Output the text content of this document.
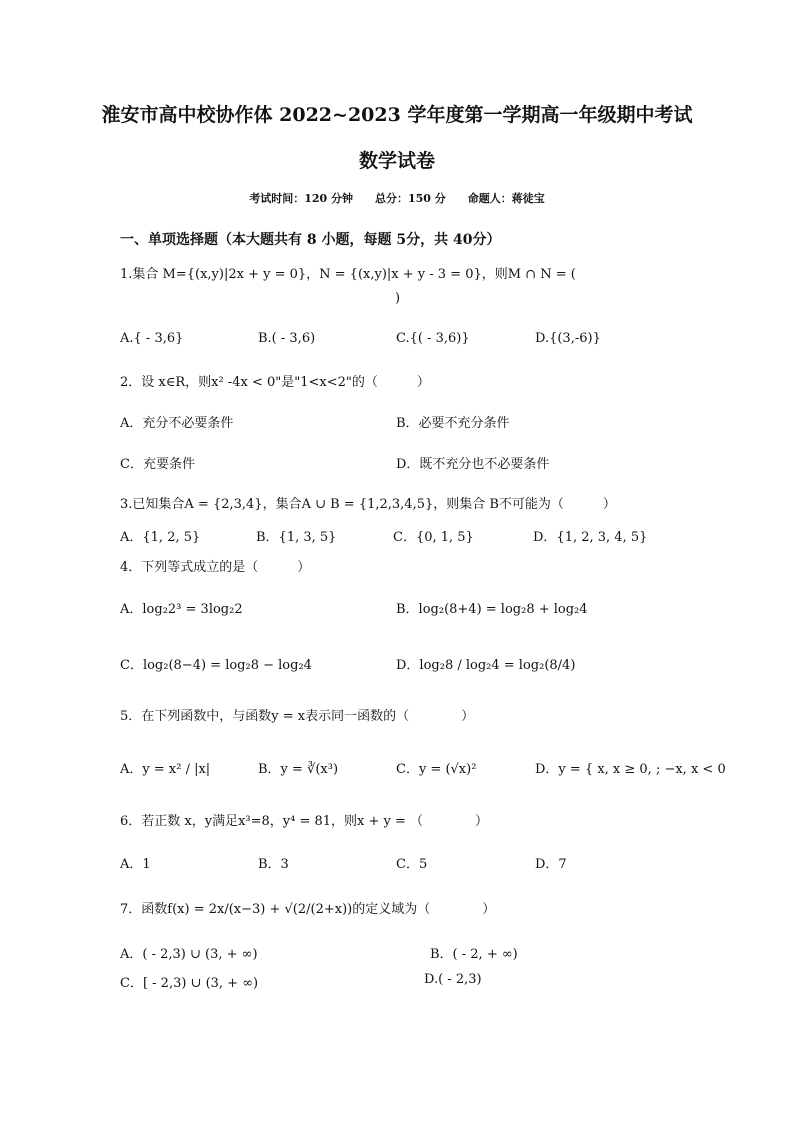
淮安市高中校协作体 2022~2023 学年度第一学期高一年级期中考试
数学试卷
考试时间：120 分钟　　总分：150 分　　命题人：蒋徒宝
一、单项选择题（本大题共有 8 小题，每题 5分，共 40分）
1.集合 M={(x,y)|2x + y = 0}，N = {(x,y)|x + y - 3 = 0}，则M ∩ N = (
)
A.{ - 3,6}	B.( - 3,6)	C.{( - 3,6)}	D.{(3,-6)}
2．设 x∈R，则x² -4x < 0"是"1<x<2"的（　　　）
A．充分不必要条件	B．必要不充分条件
C．充要条件	D．既不充分也不必要条件
3.已知集合A = {2,3,4}，集合A ∪ B = {1,2,3,4,5}，则集合 B不可能为（　　　）
A．{1, 2, 5}	B．{1, 3, 5}	C．{0, 1, 5}	D．{1, 2, 3, 4, 5}
4．下列等式成立的是（　　　）
A．log₂2³ = 3log₂2	B．log₂(8+4) = log₂8 + log₂4
C．log₂(8−4) = log₂8 − log₂4	D．log₂8 / log₂4 = log₂(8/4)
5．在下列函数中，与函数y = x表示同一函数的（　　　　）
A．y = x² / |x|	B．y = ∛(x³)	C．y = (√x)²	D．y = { x, x ≥ 0, ; −x, x < 0
6．若正数 x，y满足x³=8，y⁴ = 81，则x + y = （　　　　）
A．1	B．3	C．5	D．7
7．函数f(x) = 2x/(x−3) + √(2/(2+x))的定义域为（　　　　）
A．( - 2,3) ∪ (3, + ∞)	B．( - 2, + ∞)
C．[ - 2,3) ∪ (3, + ∞)	D.( - 2,3)
